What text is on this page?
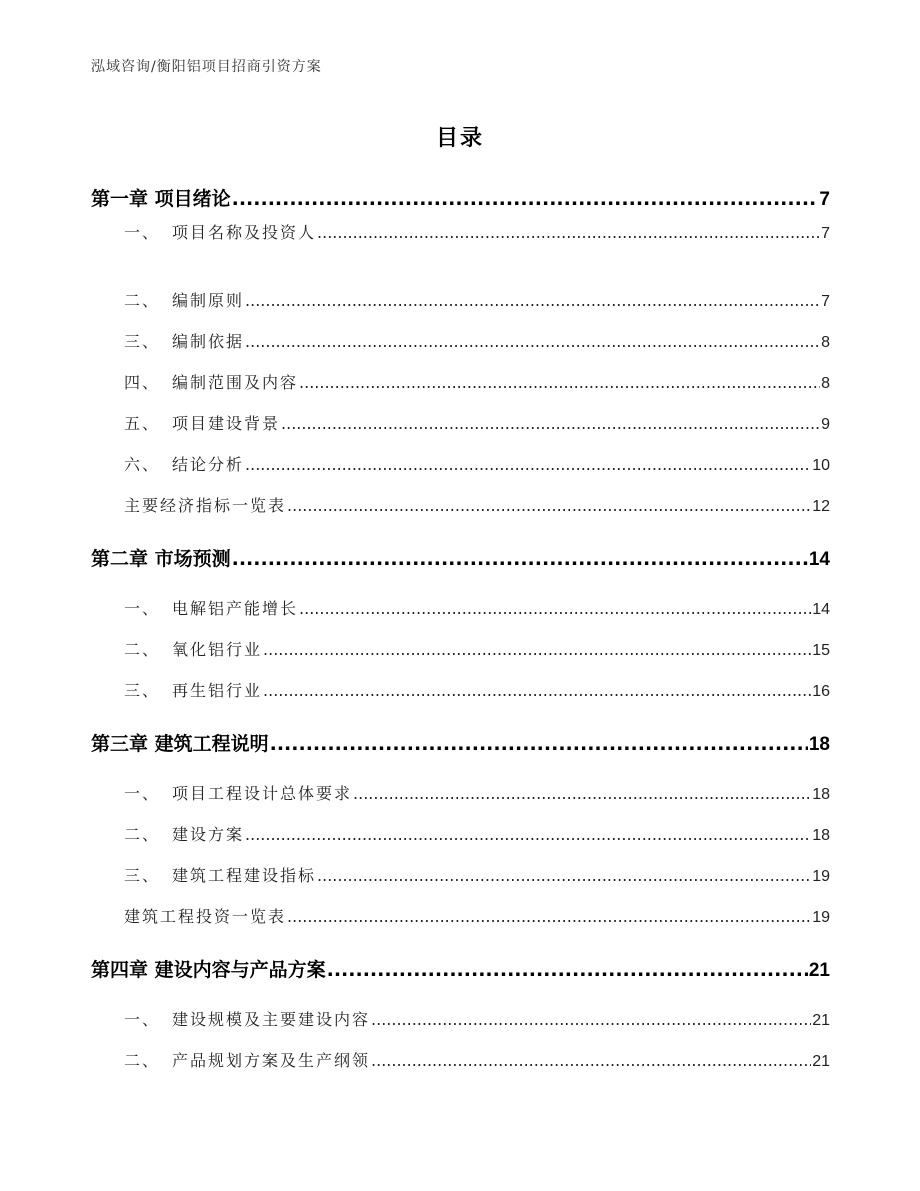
泓域咨询/衡阳铝项目招商引资方案
目录
第一章 项目绪论 .....	7
一、 项目名称及投资人 .....	7
二、 编制原则 .....	7
三、 编制依据 .....	8
四、 编制范围及内容 .....	8
五、 项目建设背景 .....	9
六、 结论分析 .....	10
主要经济指标一览表 .....	12
第二章 市场预测 .....	14
一、 电解铝产能增长 .....	14
二、 氧化铝行业 .....	15
三、 再生铝行业 .....	16
第三章 建筑工程说明 .....	18
一、 项目工程设计总体要求 .....	18
二、 建设方案 .....	18
三、 建筑工程建设指标 .....	19
建筑工程投资一览表 .....	19
第四章 建设内容与产品方案 .....	21
一、 建设规模及主要建设内容 .....	21
二、 产品规划方案及生产纲领 .....	21
